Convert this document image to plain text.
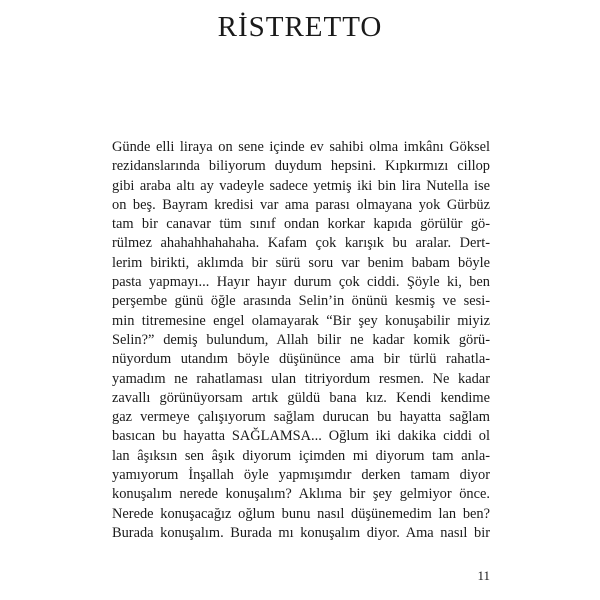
RİSTRETTO
Günde elli liraya on sene içinde ev sahibi olma imkânı Göksel
rezidanslarında biliyorum duydum hepsini. Kıpkırmızı cillop
gibi araba altı ay vadeyle sadece yetmiş iki bin lira Nutella ise
on beş. Bayram kredisi var ama parası olmayana yok Gürbüz
tam bir canavar tüm sınıf ondan korkar kapıda görülür gö-
rülmez ahahahhahahaha. Kafam çok karışık bu aralar. Dert-
lerim birikti, aklımda bir sürü soru var benim babam böyle
pasta yapmayı... Hayır hayır durum çok ciddi. Şöyle ki, ben
perşembe günü öğle arasında Selin’in önünü kesmiş ve sesi-
min titremesine engel olamayarak “Bir şey konuşabilir miyiz
Selin?” demiş bulundum, Allah bilir ne kadar komik görü-
nüyordum utandım böyle düşününce ama bir türlü rahatla-
yamadım ne rahatlaması ulan titriyordum resmen. Ne kadar
zavallı görünüyorsam artık güldü bana kız. Kendi kendime
gaz vermeye çalışıyorum sağlam durucan bu hayatta sağlam
basıcan bu hayatta SAĞLAMSA... Oğlum iki dakika ciddi ol
lan âşıksın sen âşık diyorum içimden mi diyorum tam anla-
yamıyorum İnşallah öyle yapmışımdır derken tamam diyor
konuşalım nerede konuşalım? Aklıma bir şey gelmiyor önce.
Nerede konuşacağız oğlum bunu nasıl düşünemedim lan ben?
Burada konuşalım. Burada mı konuşalım diyor. Ama nasıl bir
11
